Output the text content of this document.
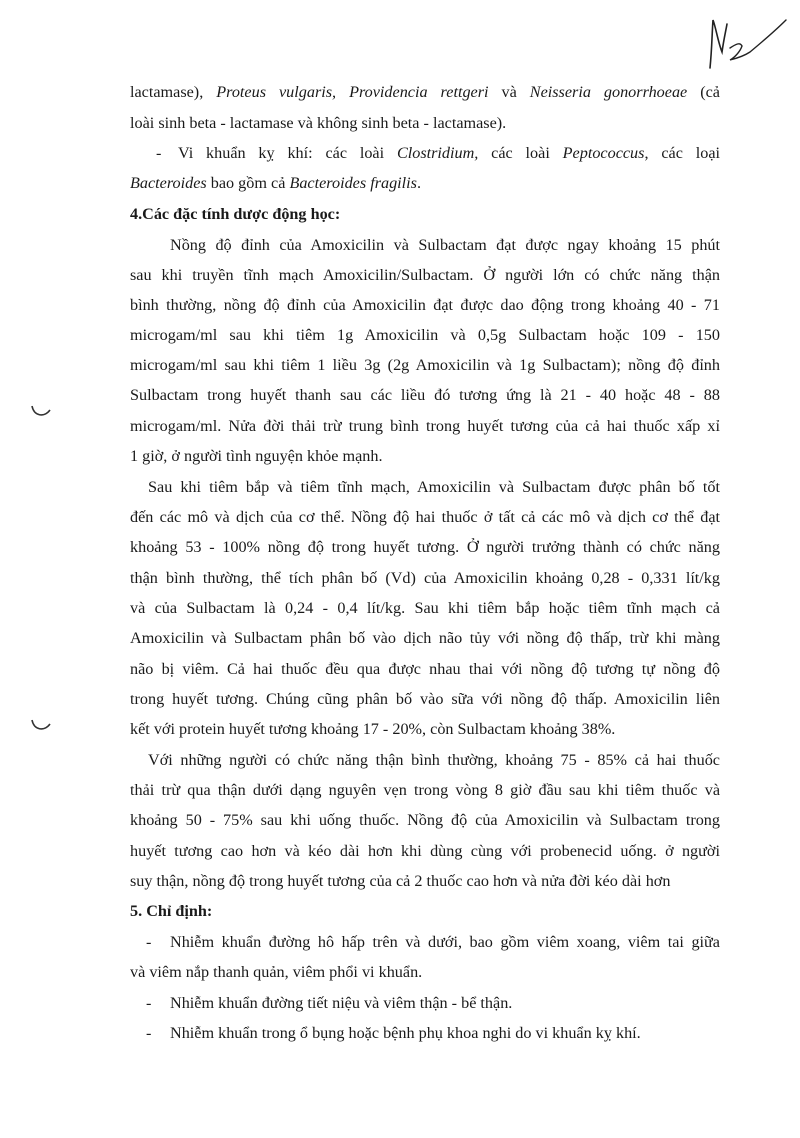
lactamase), Proteus vulgaris, Providencia rettgeri và Neisseria gonorrhoeae (cả
loài sinh beta - lactamase và không sinh beta - lactamase).
- Vi khuẩn kỵ khí: các loài Clostridium, các loài Peptococcus, các loại
Bacteroides bao gồm cả Bacteroides fragilis.
4.Các đặc tính dược động học:
Nồng độ đỉnh của Amoxicilin và Sulbactam đạt được ngay khoảng 15 phút
sau khi truyền tĩnh mạch Amoxicilin/Sulbactam. Ở người lớn có chức năng thận
bình thường, nồng độ đỉnh của Amoxicilin đạt được dao động trong khoảng 40 - 71
microgam/ml sau khi tiêm 1g Amoxicilin và 0,5g Sulbactam hoặc 109 - 150
microgam/ml sau khi tiêm 1 liều 3g (2g Amoxicilin và 1g Sulbactam); nồng độ đỉnh
Sulbactam trong huyết thanh sau các liều đó tương ứng là 21 - 40 hoặc 48 - 88
microgam/ml. Nửa đời thải trừ trung bình trong huyết tương của cả hai thuốc xấp xỉ
1 giờ, ở người tình nguyện khỏe mạnh.
Sau khi tiêm bắp và tiêm tĩnh mạch, Amoxicilin và Sulbactam được phân bố tốt
đến các mô và dịch của cơ thể. Nồng độ hai thuốc ở tất cả các mô và dịch cơ thể đạt
khoảng 53 - 100% nồng độ trong huyết tương. Ở người trưởng thành có chức năng
thận bình thường, thể tích phân bố (Vd) của Amoxicilin khoảng 0,28 - 0,331 lít/kg
và của Sulbactam là 0,24 - 0,4 lít/kg. Sau khi tiêm bắp hoặc tiêm tĩnh mạch cả
Amoxicilin và Sulbactam phân bố vào dịch não tủy với nồng độ thấp, trừ khi màng
não bị viêm. Cả hai thuốc đều qua được nhau thai với nồng độ tương tự nồng độ
trong huyết tương. Chúng cũng phân bố vào sữa với nồng độ thấp. Amoxicilin liên
kết với protein huyết tương khoảng 17 - 20%, còn Sulbactam khoảng 38%.
Với những người có chức năng thận bình thường, khoảng 75 - 85% cả hai thuốc
thải trừ qua thận dưới dạng nguyên vẹn trong vòng 8 giờ đầu sau khi tiêm thuốc và
khoảng 50 - 75% sau khi uống thuốc. Nồng độ của Amoxicilin và Sulbactam trong
huyết tương cao hơn và kéo dài hơn khi dùng cùng với probenecid uống. ở người
suy thận, nồng độ trong huyết tương của cả 2 thuốc cao hơn và nửa đời kéo dài hơn
5. Chỉ định:
- Nhiễm khuẩn đường hô hấp trên và dưới, bao gồm viêm xoang, viêm tai giữa
và viêm nắp thanh quản, viêm phổi vi khuẩn.
- Nhiễm khuẩn đường tiết niệu và viêm thận - bể thận.
- Nhiễm khuẩn trong ổ bụng hoặc bệnh phụ khoa nghi do vi khuẩn kỵ khí.
